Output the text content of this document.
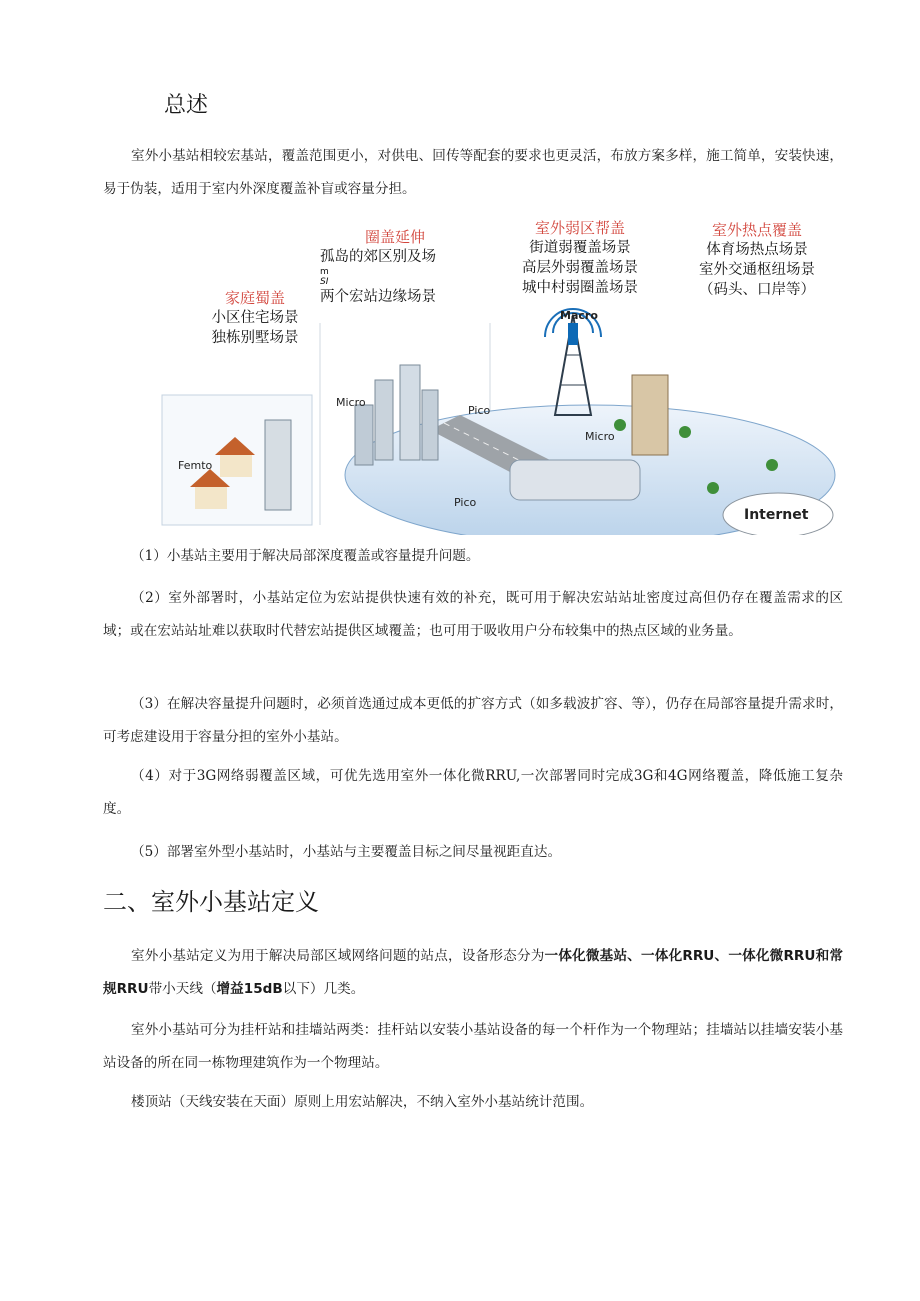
总述
室外小基站相较宏基站，覆盖范围更小，对供电、回传等配套的要求也更灵活，布放方案多样，施工简单，安装快速，易于伪装，适用于室内外深度覆盖补盲或容量分担。
家庭蜀盖
小区住宅场景
独栋别墅场景
圈盖延伸
孤岛的郊区别及场
m
SI
两个宏站边缘场景
室外弱区帮盖
街道弱覆盖场景
高层外弱覆盖场景
城中村弱圈盖场景
室外热点覆盖
体育场热点场景
室外交通枢纽场景
（码头、口岸等）
Macro
Micro
Micro
Pico
Pico
Femto
Internet
（1）小基站主要用于解决局部深度覆盖或容量提升问题。
（2）室外部署时，小基站定位为宏站提供快速有效的补充，既可用于解决宏站站址密度过高但仍存在覆盖需求的区域；或在宏站站址难以获取时代替宏站提供区域覆盖；也可用于吸收用户分布较集中的热点区域的业务量。
（3）在解决容量提升问题时，必须首选通过成本更低的扩容方式（如多载波扩容、等），仍存在局部容量提升需求时，可考虑建设用于容量分担的室外小基站。
（4）对于3G网络弱覆盖区域，可优先选用室外一体化微RRU,一次部署同时完成3G和4G网络覆盖，降低施工复杂度。
（5）部署室外型小基站时，小基站与主要覆盖目标之间尽量视距直达。
二、室外小基站定义
室外小基站定义为用于解决局部区域网络问题的站点，设备形态分为一体化微基站、一体化RRU、一体化微RRU和常规RRU带小天线（增益15dB以下）几类。
室外小基站可分为挂杆站和挂墙站两类：挂杆站以安装小基站设备的每一个杆作为一个物理站；挂墙站以挂墙安装小基站设备的所在同一栋物理建筑作为一个物理站。
楼顶站（天线安装在天面）原则上用宏站解决，不纳入室外小基站统计范围。
